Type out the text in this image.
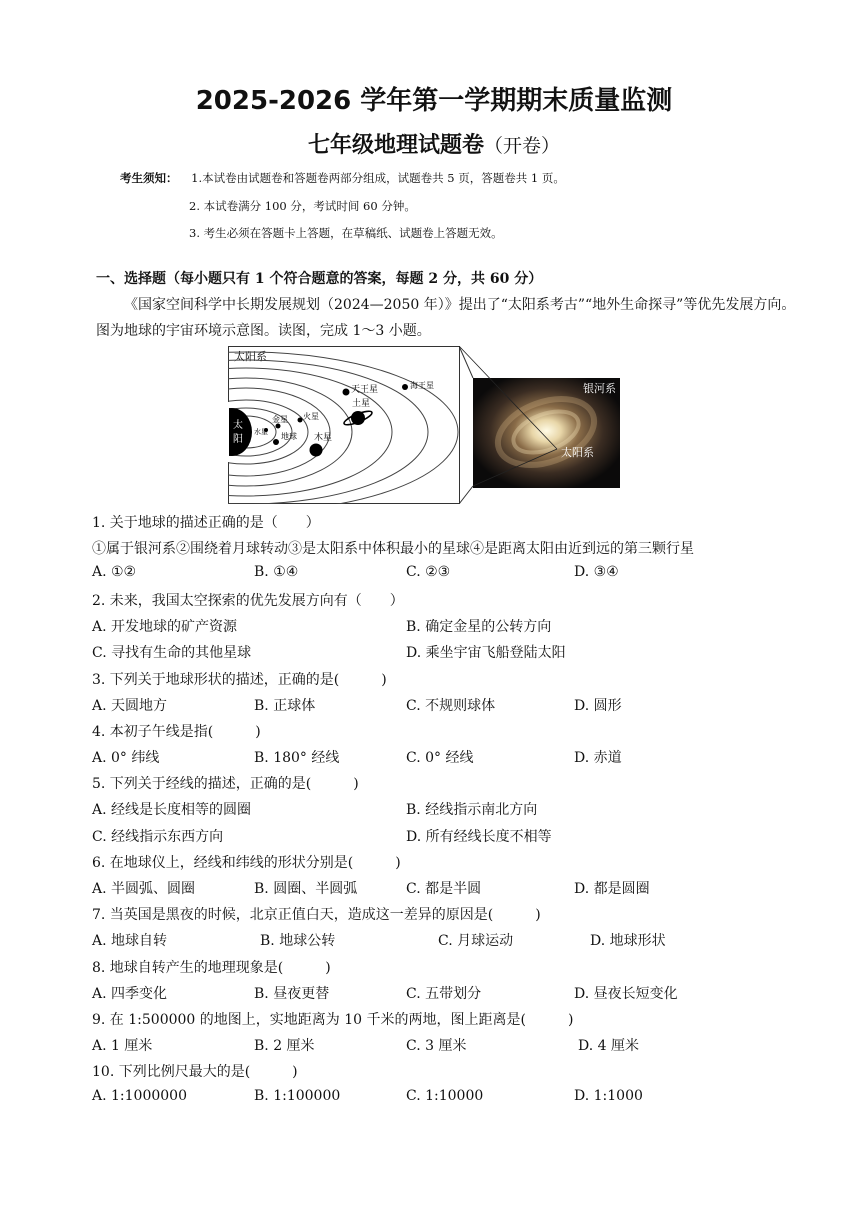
2025-2026 学年第一学期期末质量监测
七年级地理试题卷（开卷）
考生须知： 1.本试卷由试题卷和答题卷两部分组成，试题卷共 5 页，答题卷共 1 页。
2. 本试卷满分 100 分，考试时间 60 分钟。
3. 考生必须在答题卡上答题，在草稿纸、试题卷上答题无效。
一、选择题（每小题只有 1 个符合题意的答案，每题 2 分，共 60 分）
《国家空间科学中长期发展规划（2024—2050 年）》提出了“太阳系考古”“地外生命探寻”等优先发展方向。图为地球的宇宙环境示意图。读图，完成 1～3 小题。
太阳系
太
阳
水星
金星
地球
火星
木星
土星
天王星	海王星	银河系
太阳系
1. 关于地球的描述正确的是（　　）
①属于银河系②围绕着月球转动③是太阳系中体积最小的星球④是距离太阳由近到远的第三颗行星
A. ①②	B. ①④	C. ②③	D. ③④
2. 未来，我国太空探索的优先发展方向有（　　）
A. 开发地球的矿产资源	B. 确定金星的公转方向
C. 寻找有生命的其他星球	D. 乘坐宇宙飞船登陆太阳
3. 下列关于地球形状的描述，正确的是(　　　)
A. 天圆地方	B. 正球体	C. 不规则球体	D. 圆形
4. 本初子午线是指(　　　)
A. 0° 纬线	B. 180° 经线	C. 0° 经线	D. 赤道
5. 下列关于经线的描述，正确的是(　　　)
A. 经线是长度相等的圆圈	B. 经线指示南北方向
C. 经线指示东西方向	D. 所有经线长度不相等
6. 在地球仪上，经线和纬线的形状分别是(　　　)
A. 半圆弧、圆圈	B. 圆圈、半圆弧	C. 都是半圆	D. 都是圆圈
7. 当英国是黑夜的时候，北京正值白天，造成这一差异的原因是(　　　)
A. 地球自转	B. 地球公转	C. 月球运动	D. 地球形状
8. 地球自转产生的地理现象是(　　　)
A. 四季变化	B. 昼夜更替	C. 五带划分	D. 昼夜长短变化
9. 在 1:500000 的地图上，实地距离为 10 千米的两地，图上距离是(　　　)
A. 1 厘米	B. 2 厘米	C. 3 厘米	D. 4 厘米
10. 下列比例尺最大的是(　　　)
A. 1:1000000	B. 1:100000	C. 1:10000	D. 1:1000
